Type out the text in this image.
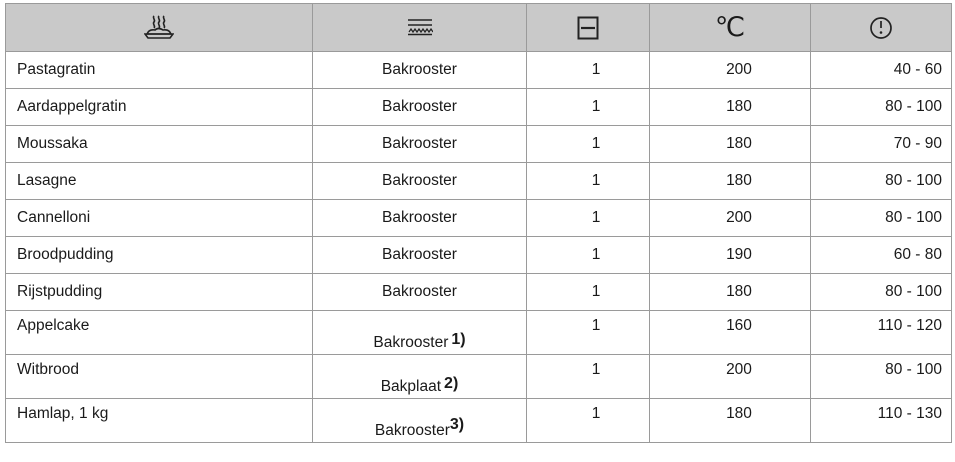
			℃	
Pastagratin	Bakrooster	1	200	40 - 60
Aardappelgratin	Bakrooster	1	180	80 - 100
Moussaka	Bakrooster	1	180	70 - 90
Lasagne	Bakrooster	1	180	80 - 100
Cannelloni	Bakrooster	1	200	80 - 100
Broodpudding	Bakrooster	1	190	60 - 80
Rijstpudding	Bakrooster	1	180	80 - 100
Appelcake	Bakrooster $^{1)}$	1	160	110 - 120
Witbrood	Bakplaat $^{2)}$	1	200	80 - 100
Hamlap, 1 kg	Bakrooster$^{3)}$	1	180	110 - 130
